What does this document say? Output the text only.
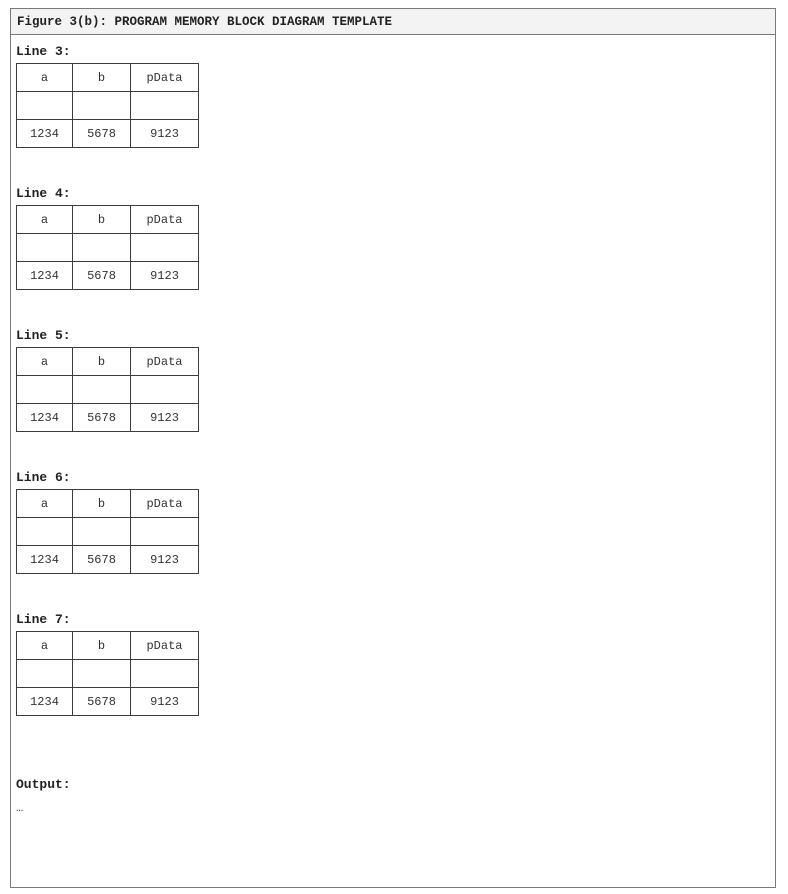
Figure 3(b): PROGRAM MEMORY BLOCK DIAGRAM TEMPLATE
Line 3:
a	b	pData

1234	5678	9123
Line 4:
a	b	pData

1234	5678	9123
Line 5:
a	b	pData

1234	5678	9123
Line 6:
a	b	pData

1234	5678	9123
Line 7:
a	b	pData

1234	5678	9123
Output:
…
